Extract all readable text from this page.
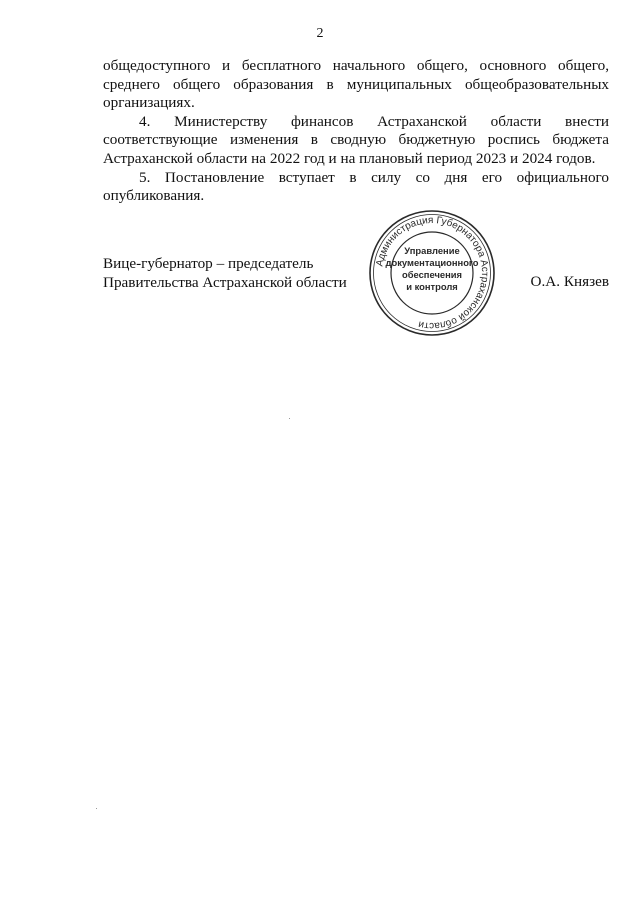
2

общедоступного и бесплатного начального общего, основного общего, среднего общего образования в муниципальных общеобразовательных организациях.

4. Министерству финансов Астраханской области внести соответствующие изменения в сводную бюджетную роспись бюджета Астраханской области на 2022 год и на плановый период 2023 и 2024 годов.

5. Постановление вступает в силу со дня его официального опубликования.

Вице-губернатор – председатель
Правительства Астраханской области
Администрация Губернатора Астраханской области
Управление
документационного
обеспечения
и контроля	О.А. Князев
